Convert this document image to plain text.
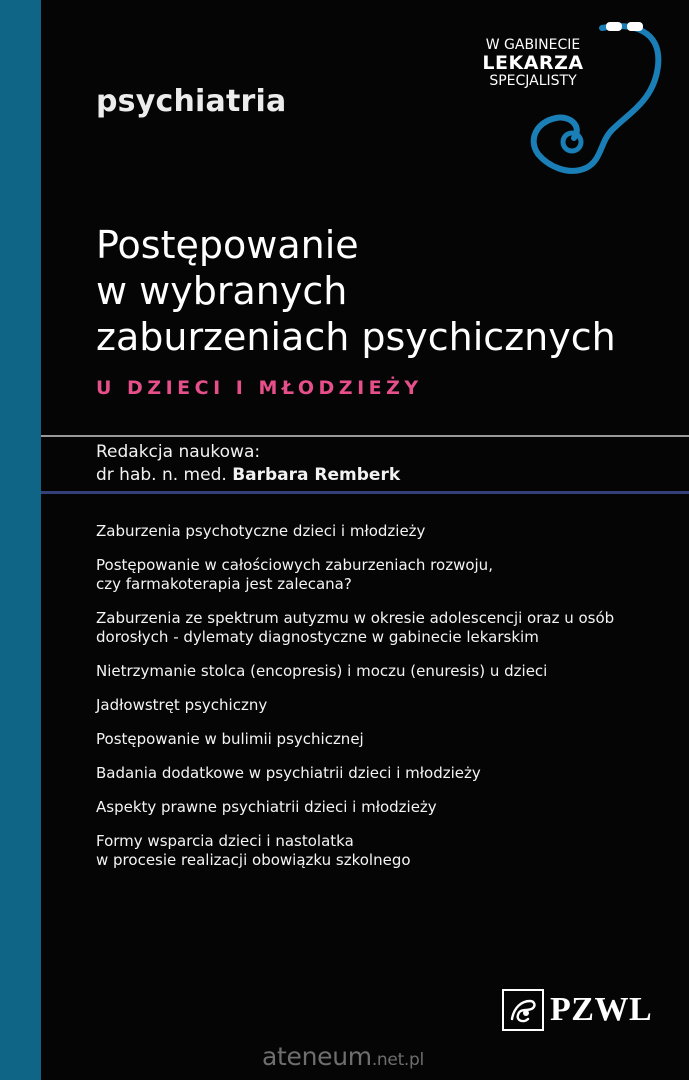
psychiatria
W GABINECIE
LEKARZA
SPECJALISTY
Postępowanie
w wybranych
zaburzeniach psychicznych
U DZIECI I MŁODZIEŻY
Redakcja naukowa:
dr hab. n. med. Barbara Remberk
Zaburzenia psychotyczne dzieci i młodzieży
Postępowanie w całościowych zaburzeniach rozwoju,
czy farmakoterapia jest zalecana?
Zaburzenia ze spektrum autyzmu w okresie adolescencji oraz u osób
dorosłych - dylematy diagnostyczne w gabinecie lekarskim
Nietrzymanie stolca (encopresis) i moczu (enuresis) u dzieci
Jadłowstręt psychiczny
Postępowanie w bulimii psychicznej
Badania dodatkowe w psychiatrii dzieci i młodzieży
Aspekty prawne psychiatrii dzieci i młodzieży
Formy wsparcia dzieci i nastolatka
w procesie realizacji obowiązku szkolnego
PZWL
ateneum.net.pl
